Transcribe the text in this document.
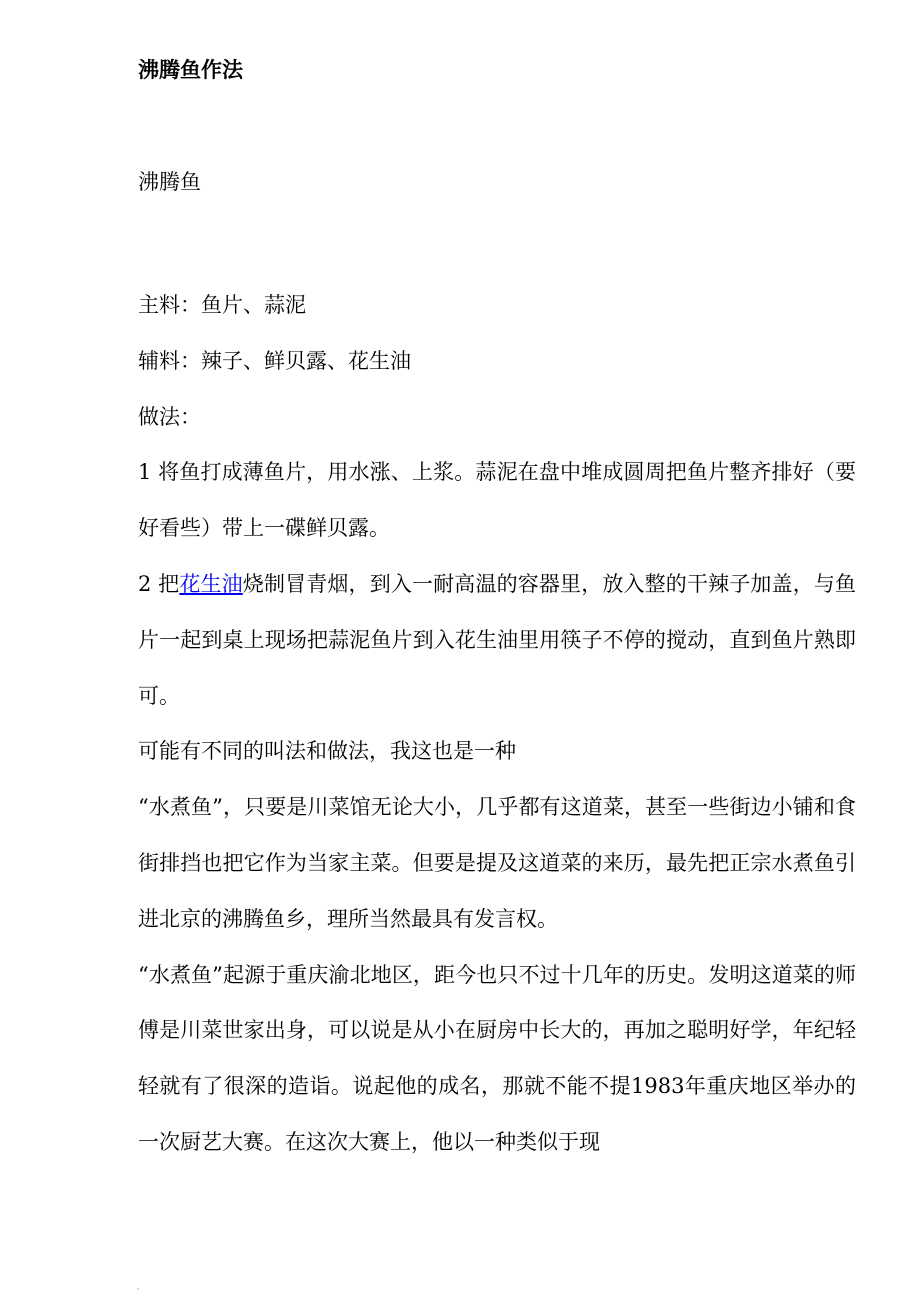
沸腾鱼作法
沸腾鱼

主料：鱼片、蒜泥

辅料：辣子、鲜贝露、花生油

做法：

1 将鱼打成薄鱼片，用水涨、上浆。蒜泥在盘中堆成圆周把鱼片整齐排好（要好看些）带上一碟鲜贝露。

2 把花生油烧制冒青烟，到入一耐高温的容器里，放入整的干辣子加盖，与鱼片一起到桌上现场把蒜泥鱼片到入花生油里用筷子不停的搅动，直到鱼片熟即可。

可能有不同的叫法和做法，我这也是一种

“水煮鱼”，只要是川菜馆无论大小，几乎都有这道菜，甚至一些街边小铺和食街排挡也把它作为当家主菜。但要是提及这道菜的来历，最先把正宗水煮鱼引进北京的沸腾鱼乡，理所当然最具有发言权。

“水煮鱼”起源于重庆渝北地区，距今也只不过十几年的历史。发明这道菜的师傅是川菜世家出身，可以说是从小在厨房中长大的，再加之聪明好学，年纪轻轻就有了很深的造诣。说起他的成名，那就不能不提1983年重庆地区举办的一次厨艺大赛。在这次大赛上，他以一种类似于现
